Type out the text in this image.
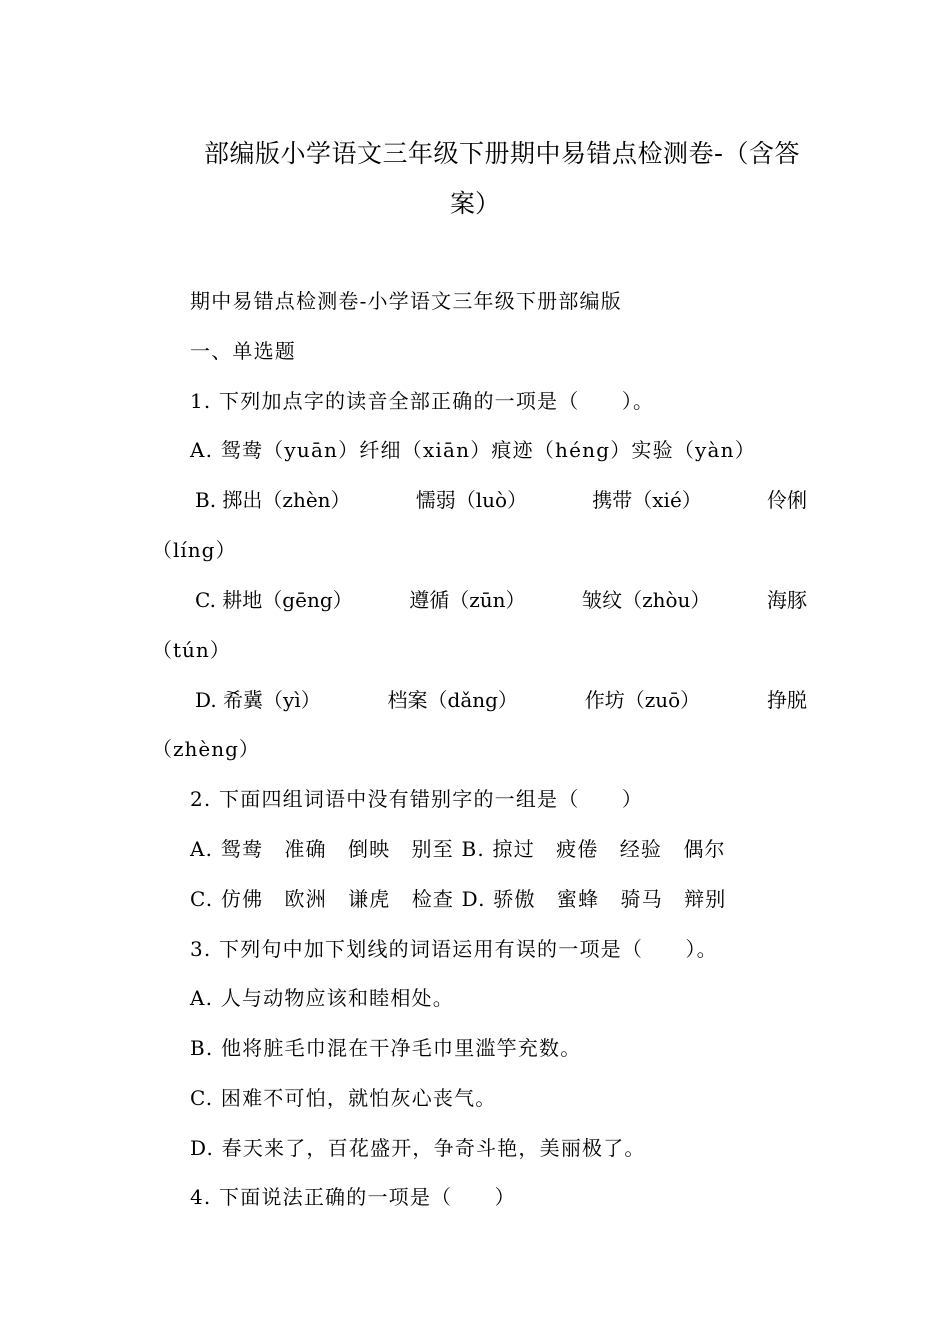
部编版小学语文三年级下册期中易错点检测卷-（含答
案）
期中易错点检测卷-小学语文三年级下册部编版
一、单选题
1. 下列加点字的读音全部正确的一项是（　　）。
A. 鸳鸯（yuān）纤细（xiān）痕迹（héng）实验（yàn）
B. 掷出（zhèn）	懦弱（luò）	携带（xié）	伶俐
（líng）
C. 耕地（gēng）	遵循（zūn）	皱纹（zhòu）	海豚
（tún）
D. 希冀（yì）	档案（dǎng）	作坊（zuō）	挣脱
（zhèng）
2. 下面四组词语中没有错别字的一组是（　　）
A. 鸳鸯　准确　倒映　别至 B. 掠过　疲倦　经验　偶尔
C. 仿佛　欧洲　谦虎　检查 D. 骄傲　蜜蜂　骑马　辩别
3. 下列句中加下划线的词语运用有误的一项是（　　）。
A. 人与动物应该和睦相处。
B. 他将脏毛巾混在干净毛巾里滥竽充数。
C. 困难不可怕，就怕灰心丧气。
D. 春天来了，百花盛开，争奇斗艳，美丽极了。
4. 下面说法正确的一项是（　　）
